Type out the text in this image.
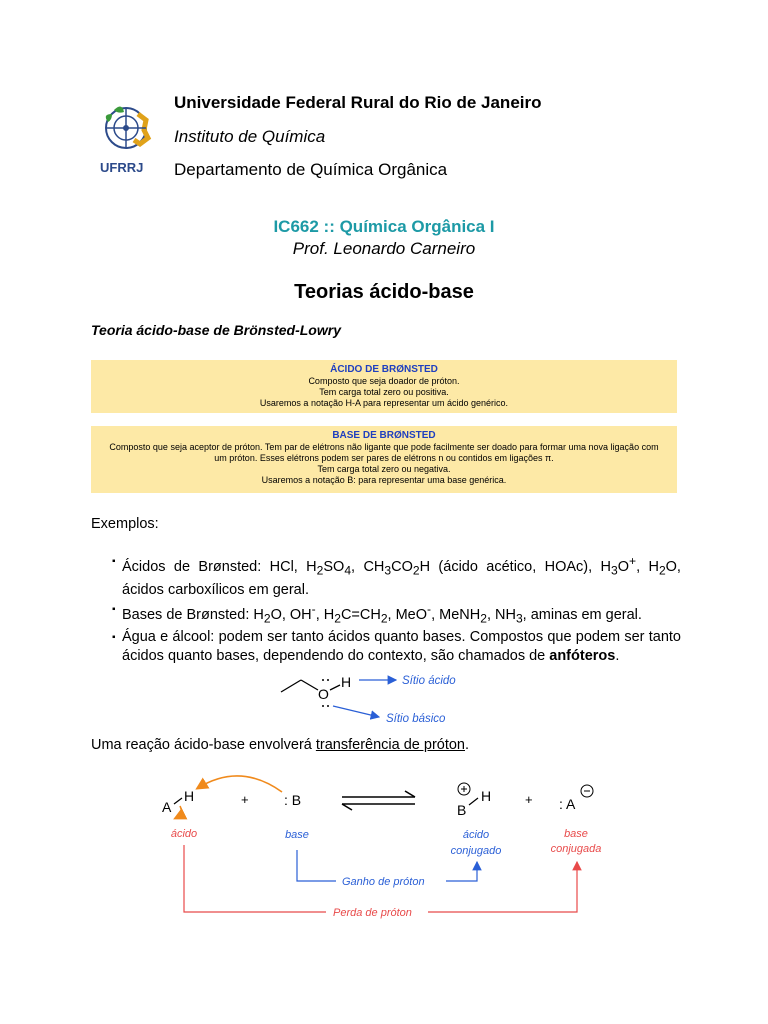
UFRRJ
Universidade Federal Rural do Rio de Janeiro
Instituto de Química
Departamento de Química Orgânica
IC662 :: Química Orgânica I
Prof. Leonardo Carneiro
Teorias ácido-base
Teoria ácido-base de Brönsted-Lowry
ÁCIDO DE BRØNSTED
Composto que seja doador de próton.
Tem carga total zero ou positiva.
Usaremos a notação H-A para representar um ácido genérico.
BASE DE BRØNSTED
Composto que seja aceptor de próton. Tem par de elétrons não ligante que pode facilmente ser doado para formar uma nova ligação com um próton. Esses elétrons podem ser pares de elétrons n ou contidos em ligações π.
Tem carga total zero ou negativa.
Usaremos a notação B: para representar uma base genérica.
Exemplos:
▪ Ácidos de Brønsted: HCl, $H_2SO_4$, $CH_3CO_2H$ (ácido acético, HOAc), $H_3O^+$, $H_2O$, ácidos carboxílicos em geral.
▪ Bases de Brønsted: $H_2O$, OH-, $H_2C=CH_2$, MeO-, MeNH$_2$, $NH_3$, aminas em geral.
▪ Água e álcool: podem ser tanto ácidos quanto bases. Compostos que podem ser tanto ácidos quanto bases, dependendo do contexto, são chamados de anfóteros.
Uma reação ácido-base envolverá transferência de próton.
O
H	Sítio ácido
Sítio básico
A
H	+	: B
B
H	+ : A
ácido	base	ácido
conjugado
base
conjugada
Ganho de próton
Perda de próton
